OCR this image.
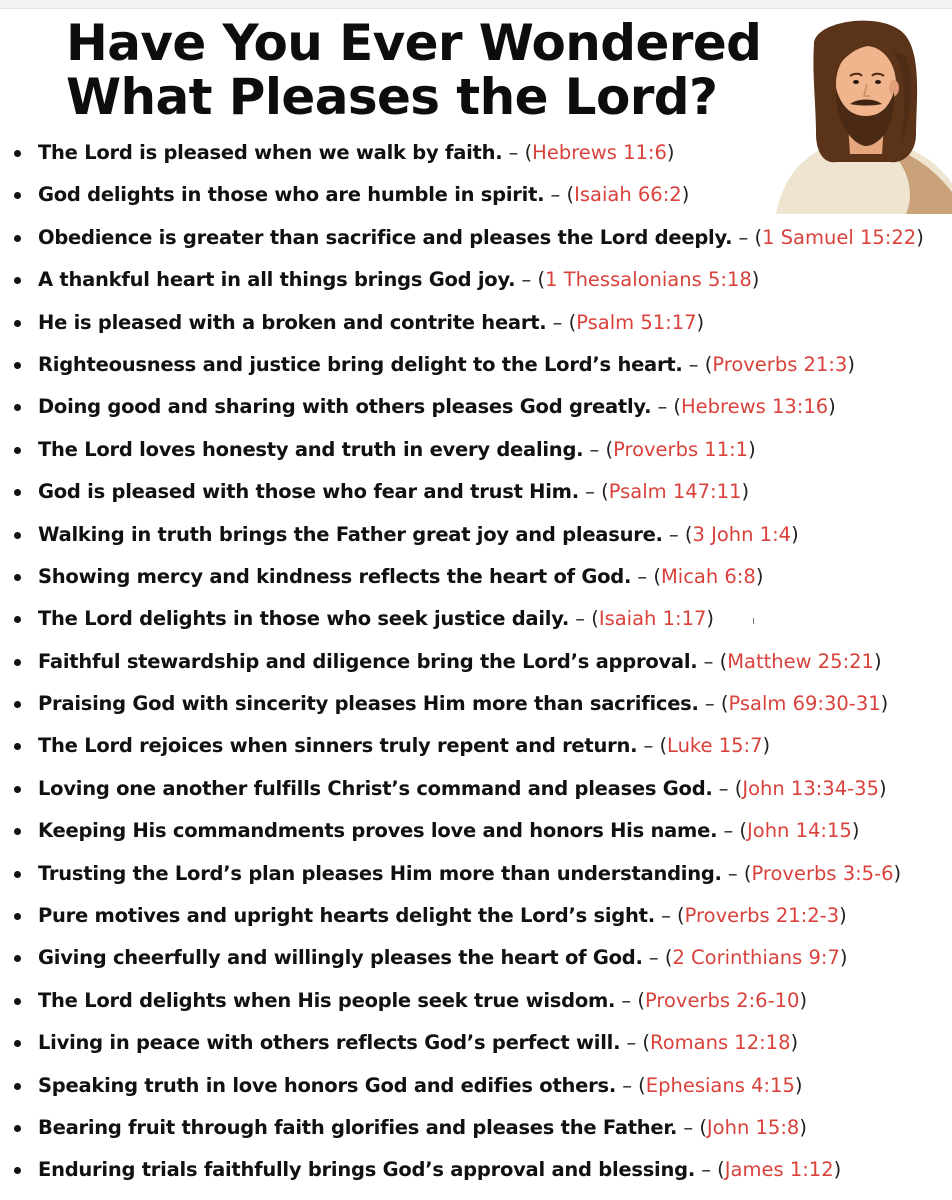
Have You Ever Wondered
What Pleases the Lord?
The Lord is pleased when we walk by faith. – (Hebrews 11:6)
God delights in those who are humble in spirit. – (Isaiah 66:2)
Obedience is greater than sacrifice and pleases the Lord deeply. – (1 Samuel 15:22)
A thankful heart in all things brings God joy. – (1 Thessalonians 5:18)
He is pleased with a broken and contrite heart. – (Psalm 51:17)
Righteousness and justice bring delight to the Lord’s heart. – (Proverbs 21:3)
Doing good and sharing with others pleases God greatly. – (Hebrews 13:16)
The Lord loves honesty and truth in every dealing. – (Proverbs 11:1)
God is pleased with those who fear and trust Him. – (Psalm 147:11)
Walking in truth brings the Father great joy and pleasure. – (3 John 1:4)
Showing mercy and kindness reflects the heart of God. – (Micah 6:8)
The Lord delights in those who seek justice daily. – (Isaiah 1:17)
Faithful stewardship and diligence bring the Lord’s approval. – (Matthew 25:21)
Praising God with sincerity pleases Him more than sacrifices. – (Psalm 69:30-31)
The Lord rejoices when sinners truly repent and return. – (Luke 15:7)
Loving one another fulfills Christ’s command and pleases God. – (John 13:34-35)
Keeping His commandments proves love and honors His name. – (John 14:15)
Trusting the Lord’s plan pleases Him more than understanding. – (Proverbs 3:5-6)
Pure motives and upright hearts delight the Lord’s sight. – (Proverbs 21:2-3)
Giving cheerfully and willingly pleases the heart of God. – (2 Corinthians 9:7)
The Lord delights when His people seek true wisdom. – (Proverbs 2:6-10)
Living in peace with others reflects God’s perfect will. – (Romans 12:18)
Speaking truth in love honors God and edifies others. – (Ephesians 4:15)
Bearing fruit through faith glorifies and pleases the Father. – (John 15:8)
Enduring trials faithfully brings God’s approval and blessing. – (James 1:12)
ı
